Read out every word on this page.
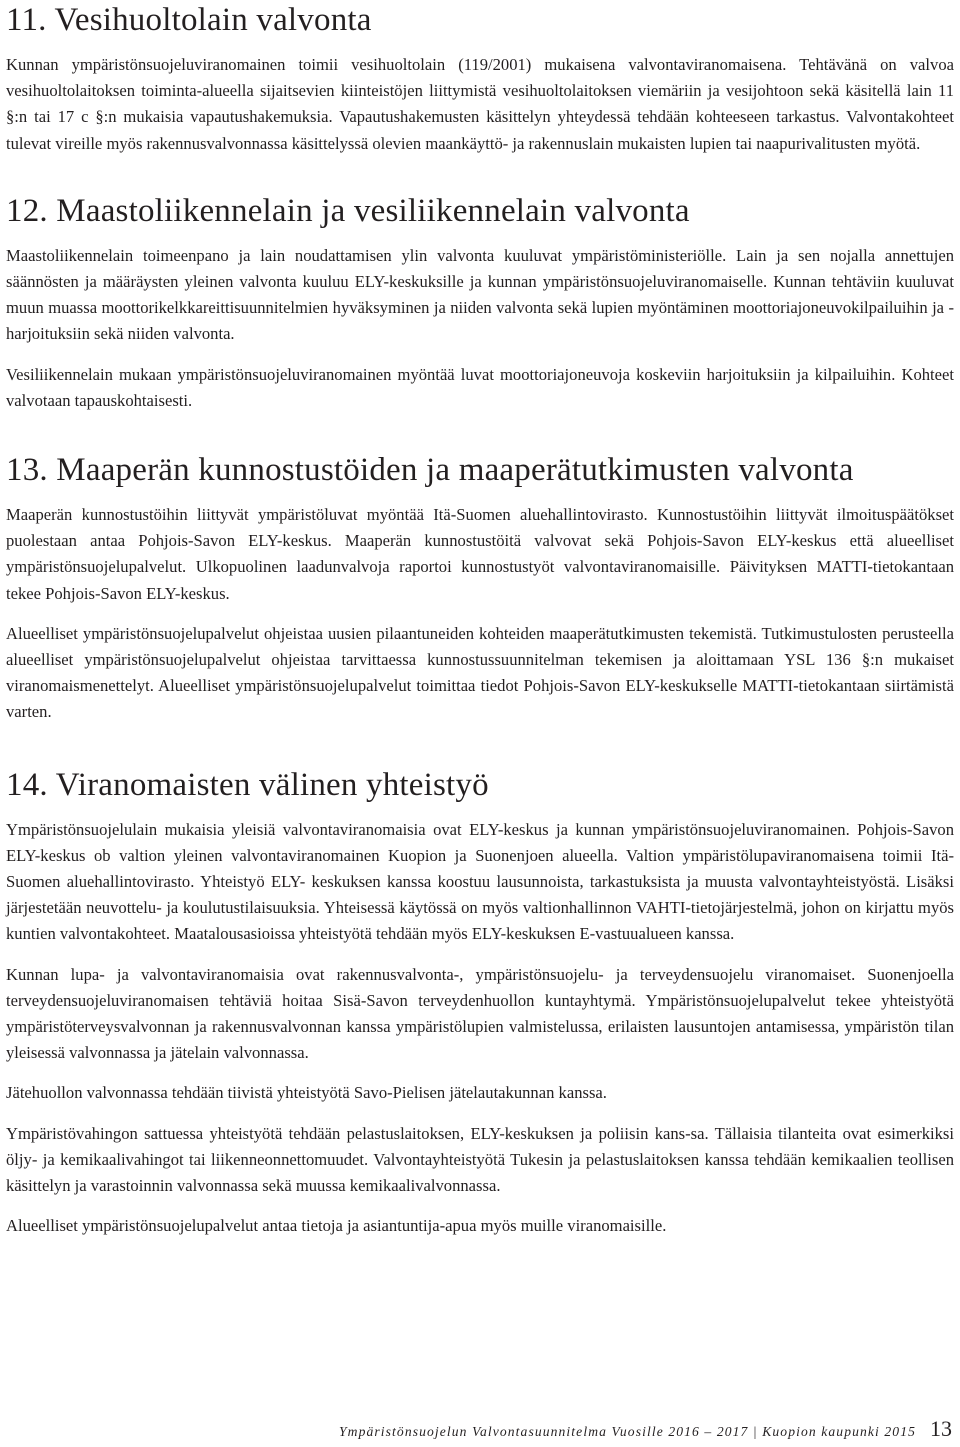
11. Vesihuoltolain valvonta

Kunnan ympäristönsuojeluviranomainen toimii vesihuoltolain (119/2001) mukaisena valvontaviranomaisena. Tehtävänä on valvoa vesihuoltolaitoksen toiminta-alueella sijaitsevien kiinteistöjen liittymistä vesihuoltolaitoksen viemäriin ja vesijohtoon sekä käsitellä lain 11 §:n tai 17 c §:n mukaisia vapautushakemuksia. Vapautushakemusten käsittelyn yhteydessä tehdään kohteeseen tarkastus. Valvontakohteet tulevat vireille myös rakennusvalvonnassa käsittelyssä olevien maankäyttö- ja rakennuslain mukaisten lupien tai naapurivalitusten myötä.

12. Maastoliikennelain ja vesiliikennelain valvonta

Maastoliikennelain toimeenpano ja lain noudattamisen ylin valvonta kuuluvat ympäristöministeriölle. Lain ja sen nojalla annettujen säännösten ja määräysten yleinen valvonta kuuluu ELY-keskuksille ja kunnan ympäristönsuojeluviranomaiselle. Kunnan tehtäviin kuuluvat muun muassa moottorikelkkareittisuunnitelmien hyväksyminen ja niiden valvonta sekä lupien myöntäminen moottoriajoneuvokilpailuihin ja -harjoituksiin sekä niiden valvonta.

Vesiliikennelain mukaan ympäristönsuojeluviranomainen myöntää luvat moottoriajoneuvoja koskeviin harjoituksiin ja kilpailuihin. Kohteet valvotaan tapauskohtaisesti.

13. Maaperän kunnostustöiden ja maaperätutkimusten valvonta

Maaperän kunnostustöihin liittyvät ympäristöluvat myöntää Itä-Suomen aluehallintovirasto. Kunnostustöihin liittyvät ilmoituspäätökset puolestaan antaa Pohjois-Savon ELY-keskus. Maaperän kunnostustöitä valvovat sekä Pohjois-Savon ELY-keskus että alueelliset ympäristönsuojelupalvelut. Ulkopuolinen laadunvalvoja raportoi kunnostustyöt valvontaviranomaisille. Päivityksen MATTI-tietokantaan tekee Pohjois-Savon ELY-keskus.

Alueelliset ympäristönsuojelupalvelut ohjeistaa uusien pilaantuneiden kohteiden maaperätutkimusten tekemistä. Tutkimustulosten perusteella alueelliset ympäristönsuojelupalvelut ohjeistaa tarvittaessa kunnostussuunnitelman tekemisen ja aloittamaan YSL 136 §:n mukaiset viranomaismenettelyt. Alueelliset ympäristönsuojelupalvelut toimittaa tiedot Pohjois-Savon ELY-keskukselle MATTI-tietokantaan siirtämistä varten.

14. Viranomaisten välinen yhteistyö

Ympäristönsuojelulain mukaisia yleisiä valvontaviranomaisia ovat ELY-keskus ja kunnan ympäristönsuojeluviranomainen. Pohjois-Savon ELY-keskus ob valtion yleinen valvontaviranomainen Kuopion ja Suonenjoen alueella. Valtion ympäristölupaviranomaisena toimii Itä-Suomen aluehallintovirasto. Yhteistyö ELY- keskuksen kanssa koostuu lausunnoista, tarkastuksista ja muusta valvontayhteistyöstä. Lisäksi järjestetään neuvottelu- ja koulutustilaisuuksia. Yhteisessä käytössä on myös valtionhallinnon VAHTI-tietojärjestelmä, johon on kirjattu myös kuntien valvontakohteet. Maatalousasioissa yhteistyötä tehdään myös ELY-keskuksen E-vastuualueen kanssa.

Kunnan lupa- ja valvontaviranomaisia ovat rakennusvalvonta-, ympäristönsuojelu- ja terveydensuojelu viranomaiset. Suonenjoella terveydensuojeluviranomaisen tehtäviä hoitaa Sisä-Savon terveydenhuollon kuntayhtymä. Ympäristönsuojelupalvelut tekee yhteistyötä ympäristöterveysvalvonnan ja rakennusvalvonnan kanssa ympäristölupien valmistelussa, erilaisten lausuntojen antamisessa, ympäristön tilan yleisessä valvonnassa ja jätelain valvonnassa.

Jätehuollon valvonnassa tehdään tiivistä yhteistyötä Savo-Pielisen jätelautakunnan kanssa.

Ympäristövahingon sattuessa yhteistyötä tehdään pelastuslaitoksen, ELY-keskuksen ja poliisin kans-sa. Tällaisia tilanteita ovat esimerkiksi öljy- ja kemikaalivahingot tai liikenneonnettomuudet. Valvontayhteistyötä Tukesin ja pelastuslaitoksen kanssa tehdään kemikaalien teollisen käsittelyn ja varastoinnin valvonnassa sekä muussa kemikaalivalvonnassa.

Alueelliset ympäristönsuojelupalvelut antaa tietoja ja asiantuntija-apua myös muille viranomaisille.

Ympäristönsuojelun Valvontasuunnitelma Vuosille 2016 – 2017 | Kuopion kaupunki 2015 13
